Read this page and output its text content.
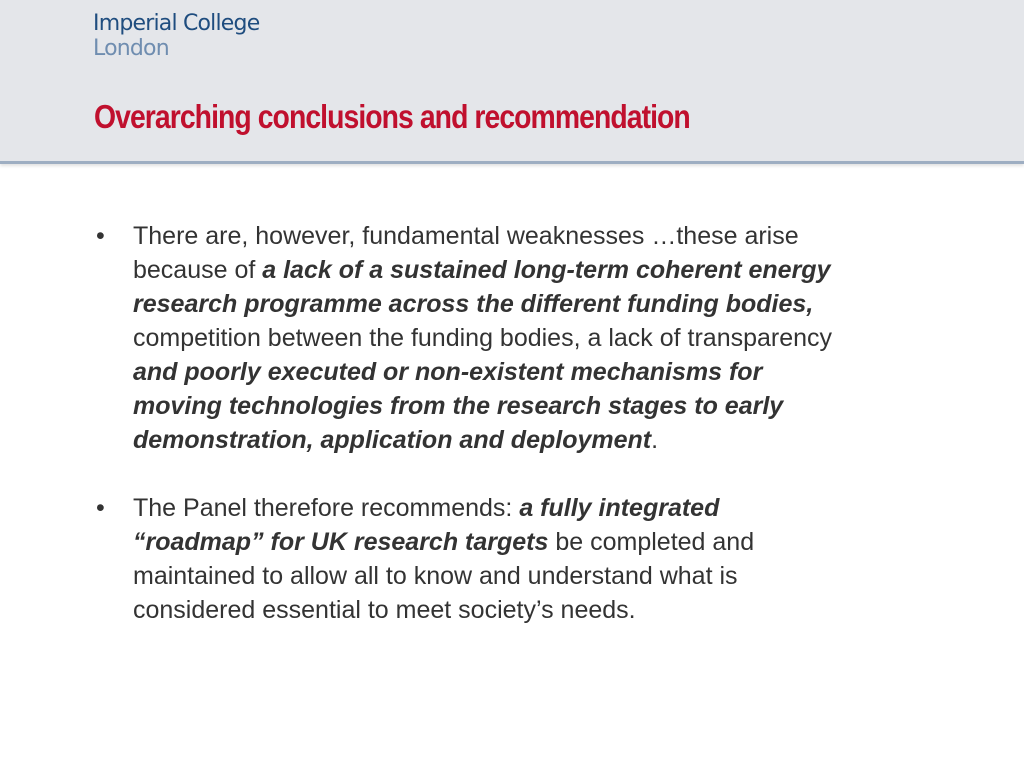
Imperial College
London
Overarching conclusions and recommendation
• There are, however, fundamental weaknesses …these arise because of a lack of a sustained long-term coherent energy research programme across the different funding bodies, competition between the funding bodies, a lack of transparency and poorly executed or non-existent mechanisms for moving technologies from the research stages to early demonstration, application and deployment.
• The Panel therefore recommends: a fully integrated “roadmap” for UK research targets be completed and maintained to allow all to know and understand what is considered essential to meet society’s needs.
